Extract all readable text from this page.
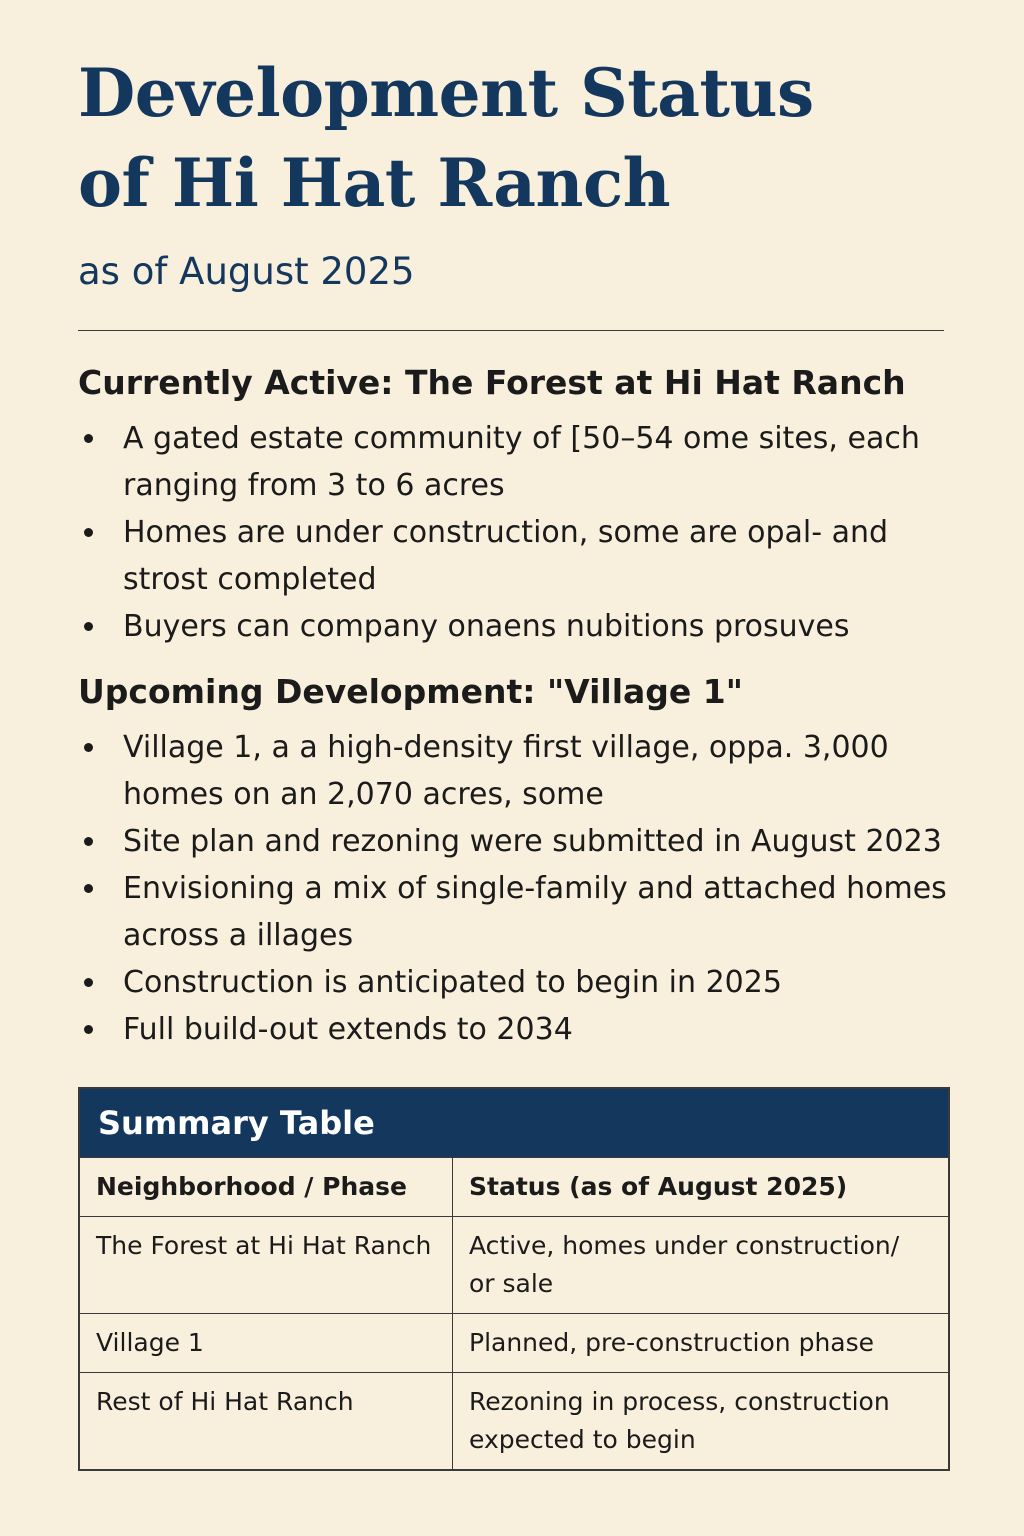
Development Status
of Hi Hat Ranch
as of August 2025
Currently Active: The Forest at Hi Hat Ranch
A gated estate community of [50–54 ome sites, each ranging from 3 to 6 acres
Homes are under construction, some are opal- and strost completed
Buyers can company onaens nubitions prosuves
Upcoming Development: "Village 1"
Village 1, a a high-density first village, oppa. 3,000 homes on an 2,070 acres, some
Site plan and rezoning were submitted in August 2023
Envisioning a mix of single-family and attached homes across a illages
Construction is anticipated to begin in 2025
Full build-out extends to 2034
Summary Table
Neighborhood / Phase	Status (as of August 2025)
The Forest at Hi Hat Ranch	Active, homes under construction/ or sale
Village 1	Planned, pre-construction phase
Rest of Hi Hat Ranch	Rezoning in process, construction expected to begin
